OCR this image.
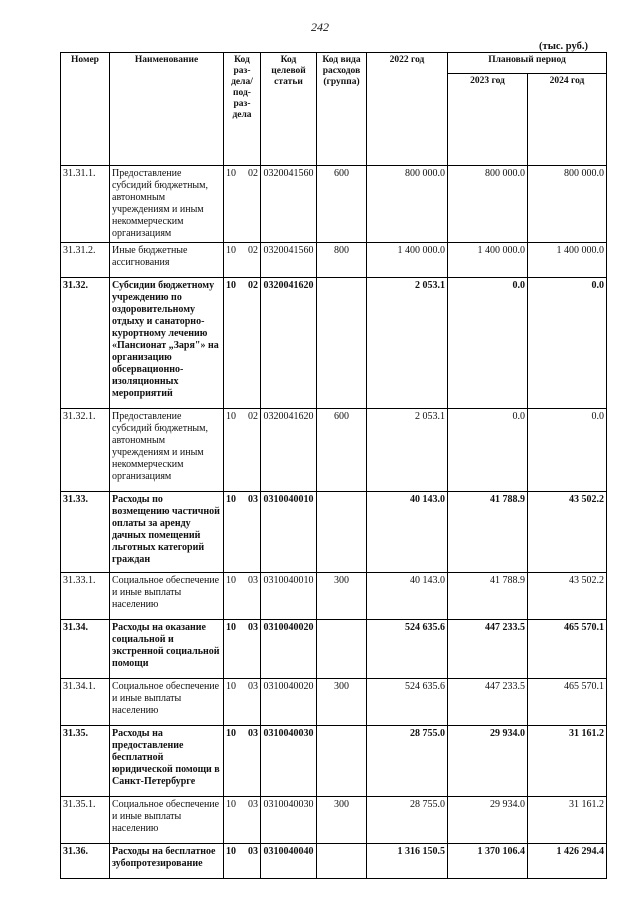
242
(тыс. руб.)
Номер	Наименование	Код раз-дела/под-раз-дела	Код целевой статьи	Код вида расходов (группа)	2022 год	Плановый период	
						2023 год	2024 год
31.31.1.	Предоставление субсидий бюджетным, автономным учреждениям и иным некоммерческим организациям	10 02	0320041560	600	800 000.0	800 000.0	800 000.0
31.31.2.	Иные бюджетные ассигнования	10 02	0320041560	800	1 400 000.0	1 400 000.0	1 400 000.0
31.32.	Субсидии бюджетному учреждению по оздоровительному отдыху и санаторно-курортному лечению «Пансионат „Заря"» на организацию обсервационно-изоляционных мероприятий	10 02	0320041620		2 053.1	0.0	0.0
31.32.1.	Предоставление субсидий бюджетным, автономным учреждениям и иным некоммерческим организациям	10 02	0320041620	600	2 053.1	0.0	0.0
31.33.	Расходы по возмещению частичной оплаты за аренду дачных помещений льготных категорий граждан	10 03	0310040010		40 143.0	41 788.9	43 502.2
31.33.1.	Социальное обеспечение и иные выплаты населению	10 03	0310040010	300	40 143.0	41 788.9	43 502.2
31.34.	Расходы на оказание социальной и экстренной социальной помощи	10 03	0310040020		524 635.6	447 233.5	465 570.1
31.34.1.	Социальное обеспечение и иные выплаты населению	10 03	0310040020	300	524 635.6	447 233.5	465 570.1
31.35.	Расходы на предоставление бесплатной юридической помощи в Санкт-Петербурге	10 03	0310040030		28 755.0	29 934.0	31 161.2
31.35.1.	Социальное обеспечение и иные выплаты населению	10 03	0310040030	300	28 755.0	29 934.0	31 161.2
31.36.	Расходы на бесплатное зубопротезирование	10 03	0310040040		1 316 150.5	1 370 106.4	1 426 294.4
